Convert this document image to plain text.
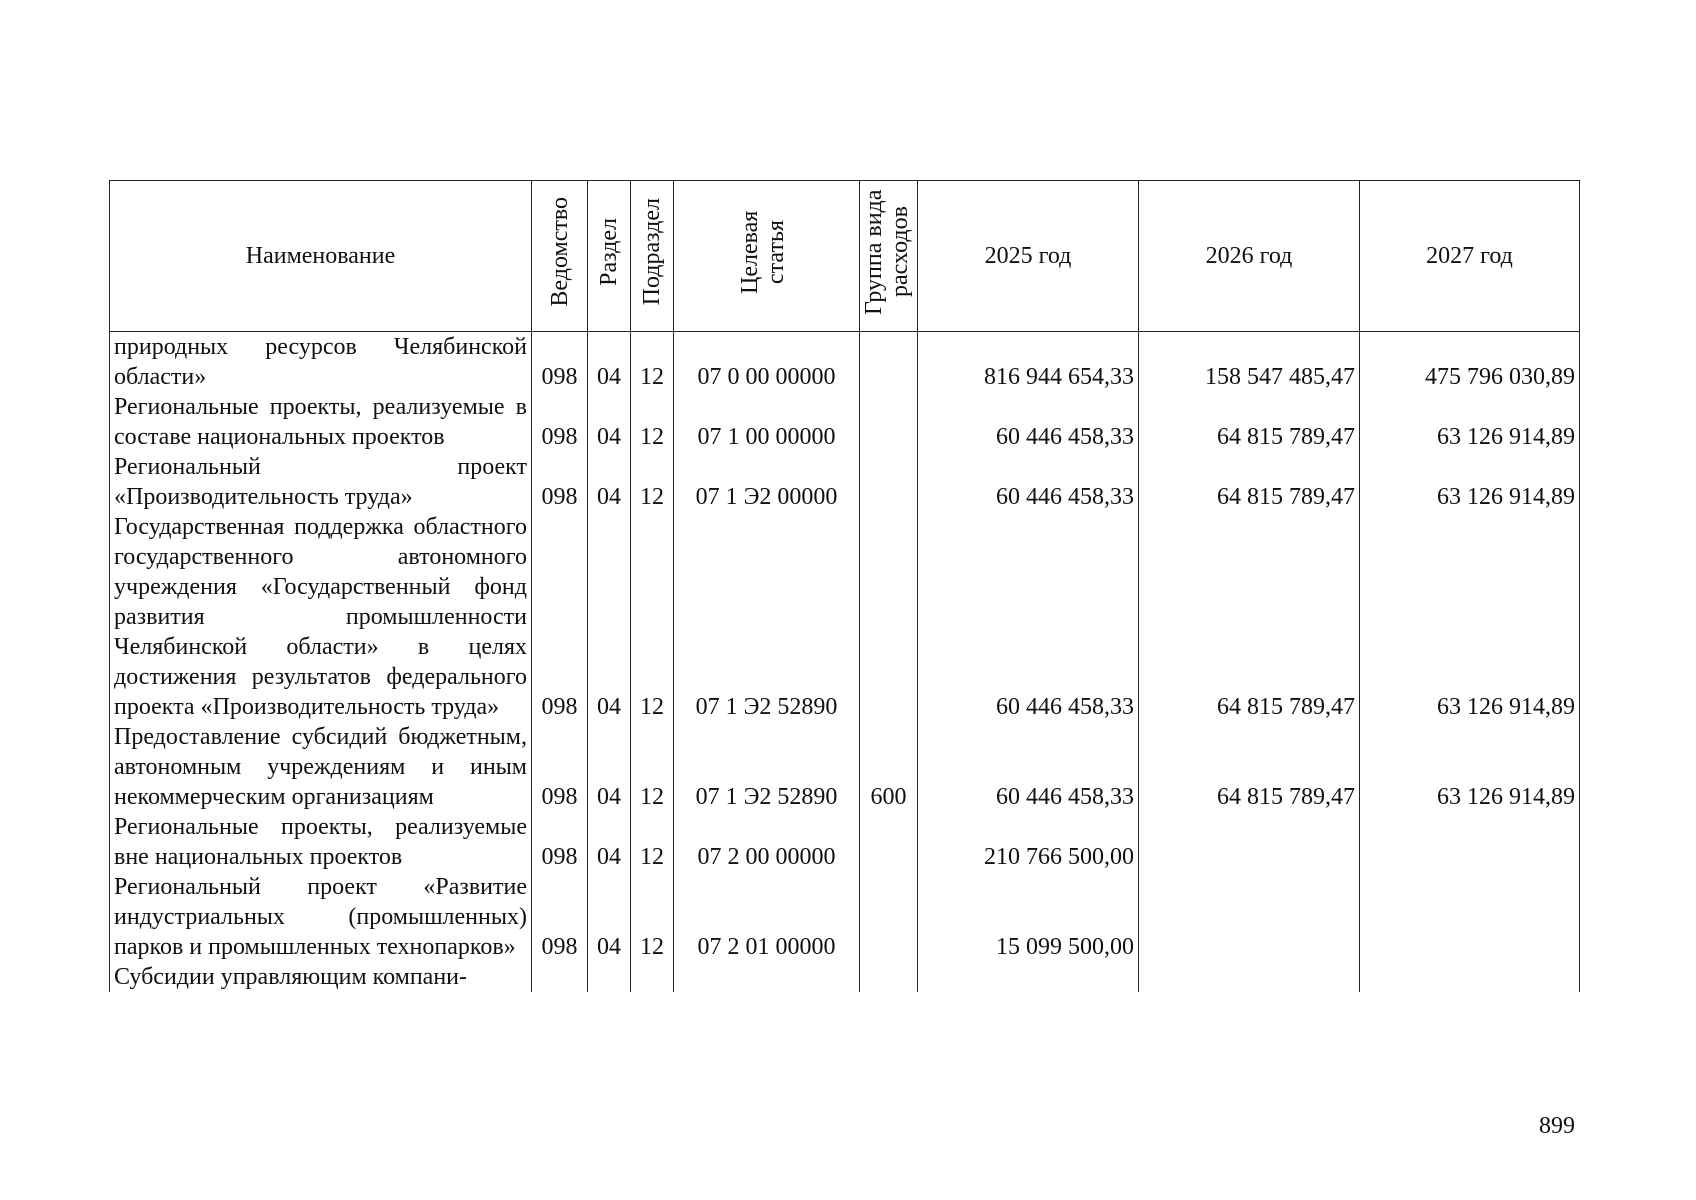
Наименование	Ведомство	Раздел	Подраздел	Целевая статья	Группа вида расходов	2025 год	2026 год	2027 год
природных ресурсов Челябинской области»	098	04	12	07 0 00 00000		816 944 654,33	158 547 485,47	475 796 030,89
Региональные проекты, реализуемые в составе национальных проектов	098	04	12	07 1 00 00000		60 446 458,33	64 815 789,47	63 126 914,89
Региональный проект «Производительность труда»	098	04	12	07 1 Э2 00000		60 446 458,33	64 815 789,47	63 126 914,89
Государственная поддержка областного государственного автономного учреждения «Государственный фонд развития промышленности Челябинской области» в целях достижения результатов федерального проекта «Производительность труда»	098	04	12	07 1 Э2 52890		60 446 458,33	64 815 789,47	63 126 914,89
Предоставление субсидий бюджетным, автономным учреждениям и иным некоммерческим организациям	098	04	12	07 1 Э2 52890	600	60 446 458,33	64 815 789,47	63 126 914,89
Региональные проекты, реализуемые вне национальных проектов	098	04	12	07 2 00 00000		210 766 500,00		
Региональный проект «Развитие индустриальных (промышленных) парков и промышленных технопарков»	098	04	12	07 2 01 00000		15 099 500,00		
Субсидии управляющим компани-								
899
